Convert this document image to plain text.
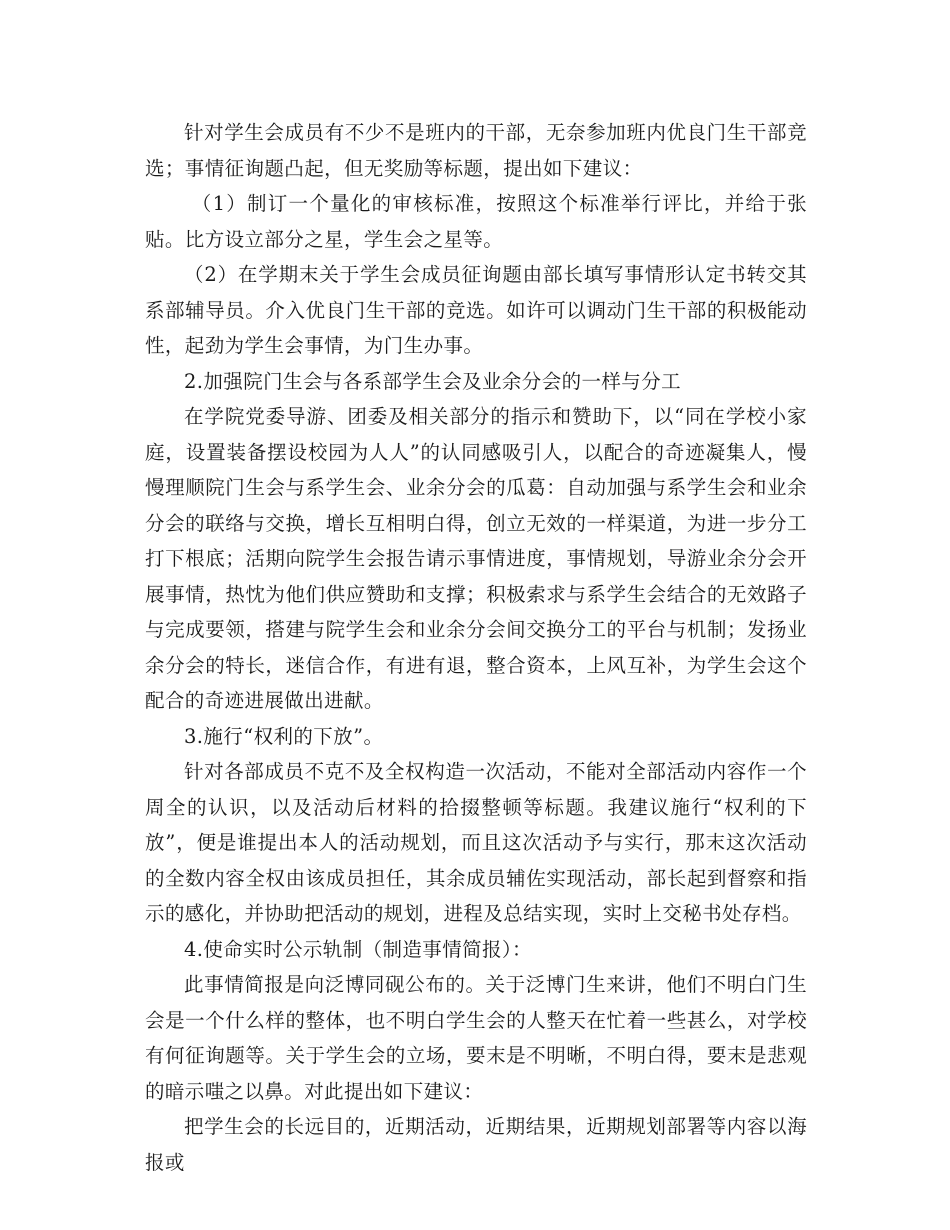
针对学生会成员有不少不是班内的干部，无奈参加班内优良门生干部竞选；事情征询题凸起，但无奖励等标题，提出如下建议：

（1）制订一个量化的审核标准，按照这个标准举行评比，并给于张贴。比方设立部分之星，学生会之星等。

（2）在学期末关于学生会成员征询题由部长填写事情形认定书转交其系部辅导员。介入优良门生干部的竞选。如许可以调动门生干部的积极能动性，起劲为学生会事情，为门生办事。

2.加强院门生会与各系部学生会及业余分会的一样与分工

在学院党委导游、团委及相关部分的指示和赞助下，以“同在学校小家庭，设置装备摆设校园为人人”的认同感吸引人，以配合的奇迹凝集人，慢慢理顺院门生会与系学生会、业余分会的瓜葛：自动加强与系学生会和业余分会的联络与交换，增长互相明白得，创立无效的一样渠道，为进一步分工打下根底；活期向院学生会报告请示事情进度，事情规划，导游业余分会开展事情，热忱为他们供应赞助和支撑；积极索求与系学生会结合的无效路子与完成要领，搭建与院学生会和业余分会间交换分工的平台与机制；发扬业余分会的特长，迷信合作，有进有退，整合资本，上风互补，为学生会这个配合的奇迹进展做出进献。

3.施行“权利的下放”。

针对各部成员不克不及全权构造一次活动，不能对全部活动内容作一个周全的认识，以及活动后材料的拾掇整顿等标题。我建议施行“权利的下放”，便是谁提出本人的活动规划，而且这次活动予与实行，那末这次活动的全数内容全权由该成员担任，其余成员辅佐实现活动，部长起到督察和指示的感化，并协助把活动的规划，进程及总结实现，实时上交秘书处存档。

4.使命实时公示轨制（制造事情简报）：

此事情简报是向泛博同砚公布的。关于泛博门生来讲，他们不明白门生会是一个什么样的整体，也不明白学生会的人整天在忙着一些甚么，对学校有何征询题等。关于学生会的立场，要末是不明晰，不明白得，要末是悲观的暗示嗤之以鼻。对此提出如下建议：

把学生会的长远目的，近期活动，近期结果，近期规划部署等内容以海报或
